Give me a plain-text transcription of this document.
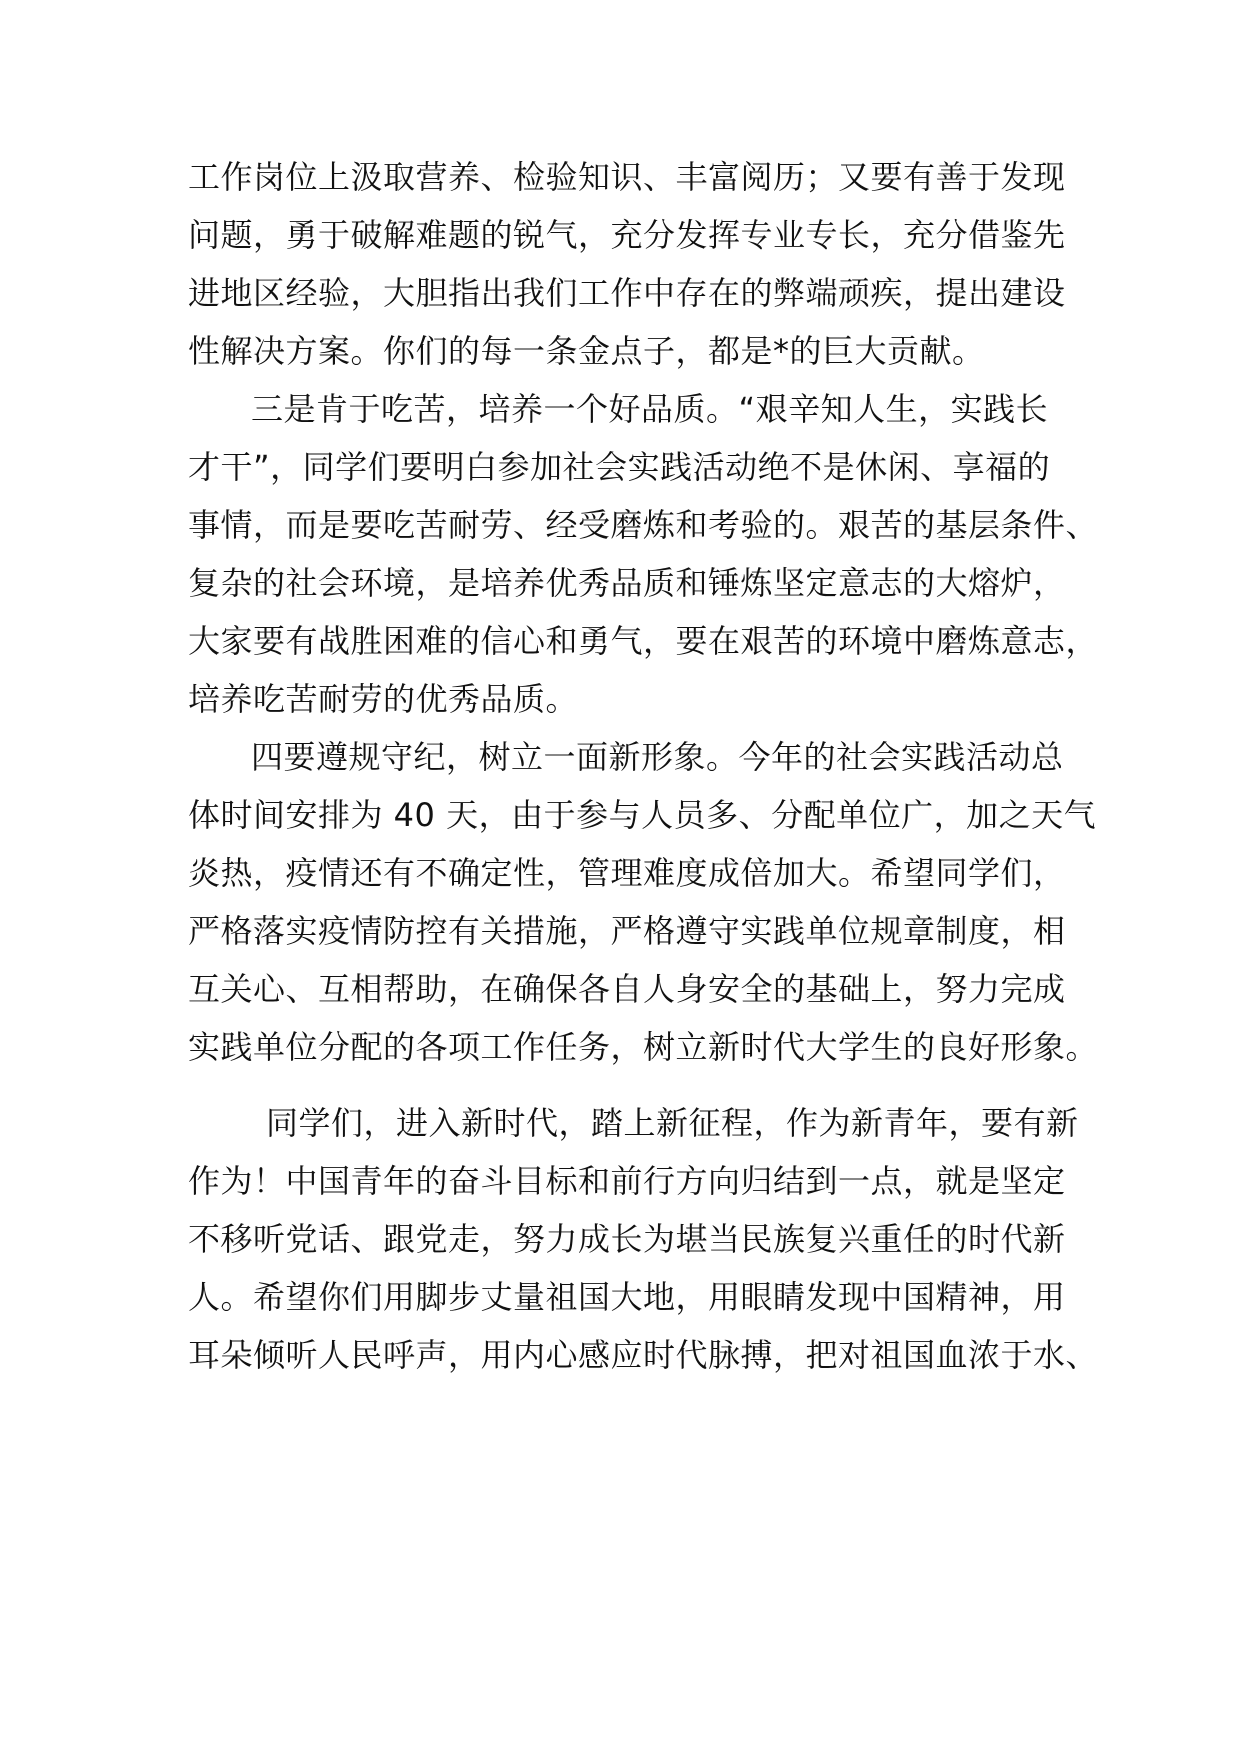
工作岗位上汲取营养、检验知识、丰富阅历；又要有善于发现
问题，勇于破解难题的锐气，充分发挥专业专长，充分借鉴先
进地区经验，大胆指出我们工作中存在的弊端顽疾，提出建设
性解决方案。你们的每一条金点子，都是*的巨大贡献。
三是肯于吃苦，培养一个好品质。“艰辛知人生，实践长
才干”，同学们要明白参加社会实践活动绝不是休闲、享福的
事情，而是要吃苦耐劳、经受磨炼和考验的。艰苦的基层条件、
复杂的社会环境，是培养优秀品质和锤炼坚定意志的大熔炉，
大家要有战胜困难的信心和勇气，要在艰苦的环境中磨炼意志，
培养吃苦耐劳的优秀品质。
四要遵规守纪，树立一面新形象。今年的社会实践活动总
体时间安排为 40 天，由于参与人员多、分配单位广，加之天气
炎热，疫情还有不确定性，管理难度成倍加大。希望同学们，
严格落实疫情防控有关措施，严格遵守实践单位规章制度，相
互关心、互相帮助，在确保各自人身安全的基础上，努力完成
实践单位分配的各项工作任务，树立新时代大学生的良好形象。
同学们，进入新时代，踏上新征程，作为新青年，要有新
作为！中国青年的奋斗目标和前行方向归结到一点，就是坚定
不移听党话、跟党走，努力成长为堪当民族复兴重任的时代新
人。希望你们用脚步丈量祖国大地，用眼睛发现中国精神，用
耳朵倾听人民呼声，用内心感应时代脉搏，把对祖国血浓于水、
